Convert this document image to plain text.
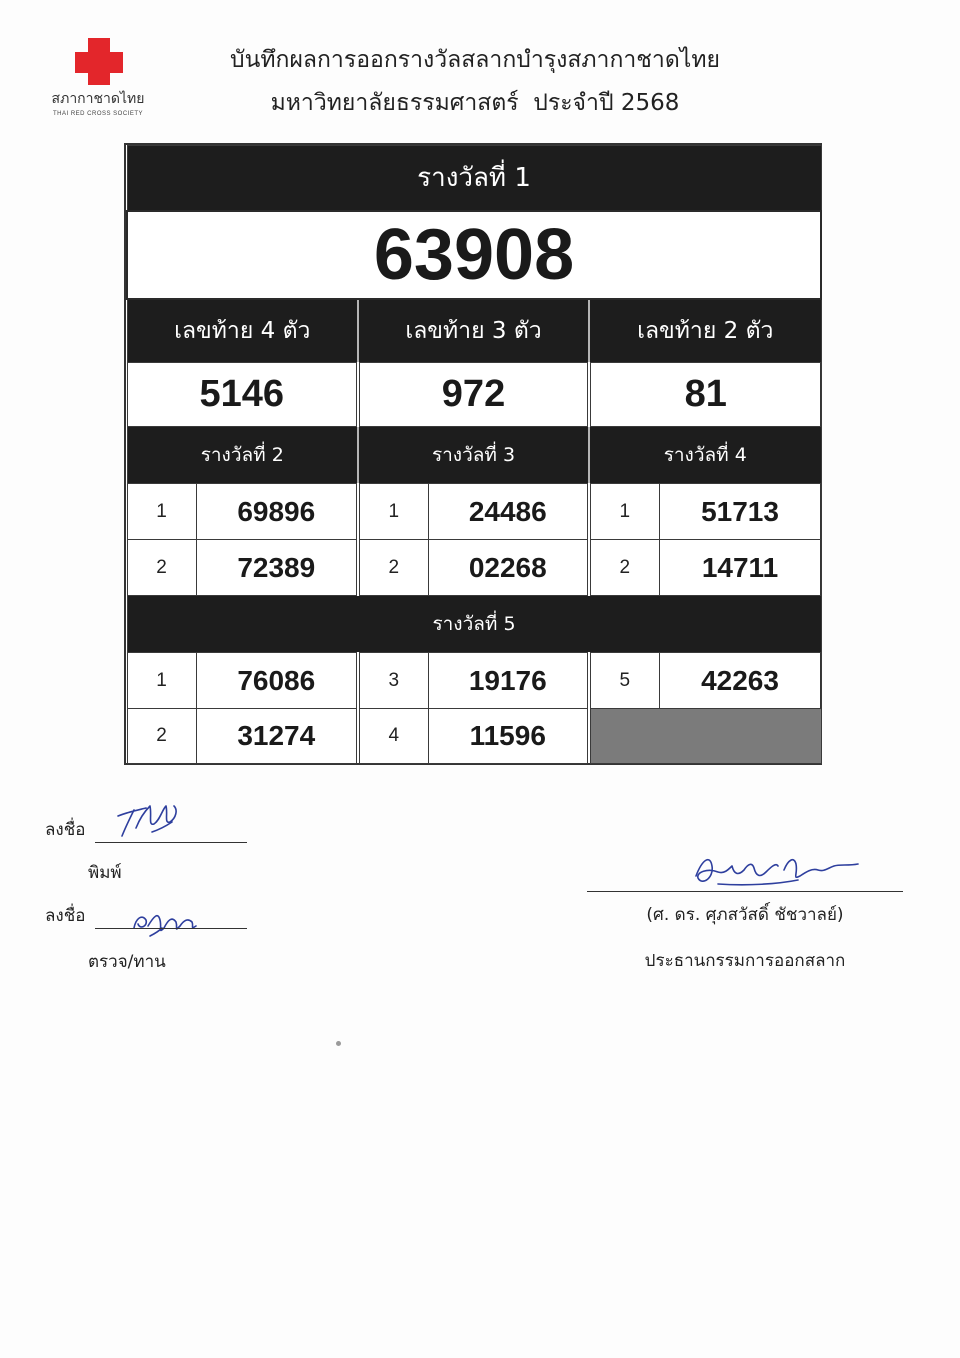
สภากาชาดไทย
THAI RED CROSS SOCIETY
บันทึกผลการออกรางวัลสลากบำรุงสภากาชาดไทย
มหาวิทยาลัยธรรมศาสตร์  ประจำปี 2568
รางวัลที่ 1					
63908					
เลขท้าย 4 ตัว		เลขท้าย 3 ตัว		เลขท้าย 2 ตัว	
5146		972		81	
รางวัลที่ 2		รางวัลที่ 3		รางวัลที่ 4	
1	69896	1	24486	1	51713
2	72389	2	02268	2	14711
รางวัลที่ 5					
1	76086	3	19176	5	42263
2	31274	4	11596		
ลงชื่อ
พิมพ์
ลงชื่อ
ตรวจ/ทาน
(ศ. ดร. ศุภสวัสดิ์ ชัชวาลย์)
ประธานกรรมการออกสลาก
